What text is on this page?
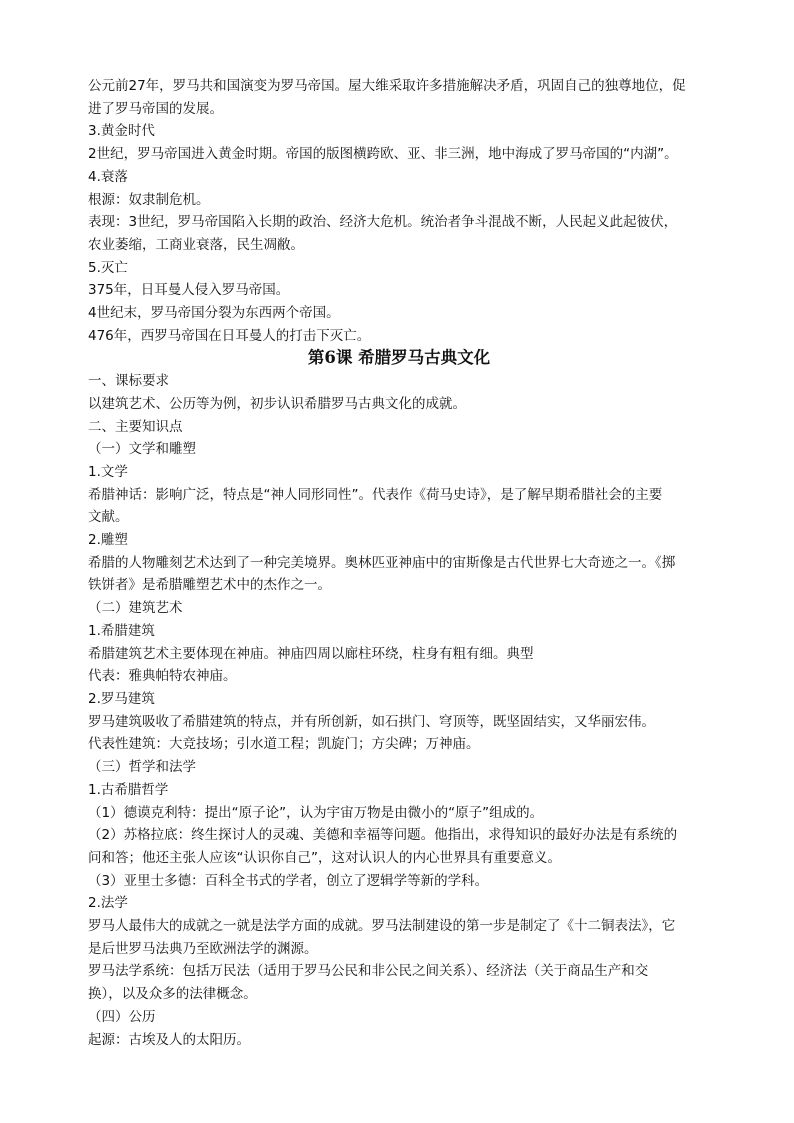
公元前27年，罗马共和国演变为罗马帝国。屋大维采取许多措施解决矛盾，巩固自己的独尊地位，促

进了罗马帝国的发展。

3.黄金时代

2世纪，罗马帝国进入黄金时期。帝国的版图横跨欧、亚、非三洲，地中海成了罗马帝国的“内湖”。

4.衰落

根源：奴隶制危机。

表现：3世纪，罗马帝国陷入长期的政治、经济大危机。统治者争斗混战不断，人民起义此起彼伏，

农业萎缩，工商业衰落，民生凋敝。

5.灭亡

375年，日耳曼人侵入罗马帝国。

4世纪末，罗马帝国分裂为东西两个帝国。

476年，西罗马帝国在日耳曼人的打击下灭亡。

第6课 希腊罗马古典文化

一、课标要求

以建筑艺术、公历等为例，初步认识希腊罗马古典文化的成就。

二、主要知识点

（一）文学和雕塑

1.文学

希腊神话：影响广泛，特点是“神人同形同性”。代表作《荷马史诗》，是了解早期希腊社会的主要

文献。

2.雕塑

希腊的人物雕刻艺术达到了一种完美境界。奥林匹亚神庙中的宙斯像是古代世界七大奇迹之一。《掷

铁饼者》是希腊雕塑艺术中的杰作之一。

（二）建筑艺术

1.希腊建筑

希腊建筑艺术主要体现在神庙。神庙四周以廊柱环绕，柱身有粗有细。典型

代表：雅典帕特农神庙。

2.罗马建筑

罗马建筑吸收了希腊建筑的特点，并有所创新，如石拱门、穹顶等，既坚固结实，又华丽宏伟。

代表性建筑：大竞技场；引水道工程；凯旋门；方尖碑；万神庙。

（三）哲学和法学

1.古希腊哲学

（1）德谟克利特：提出“原子论”，认为宇宙万物是由微小的“原子”组成的。

（2）苏格拉底：终生探讨人的灵魂、美德和幸福等问题。他指出，求得知识的最好办法是有系统的

问和答；他还主张人应该“认识你自己”，这对认识人的内心世界具有重要意义。

（3）亚里士多德：百科全书式的学者，创立了逻辑学等新的学科。

2.法学

罗马人最伟大的成就之一就是法学方面的成就。罗马法制建设的第一步是制定了《十二铜表法》，它

是后世罗马法典乃至欧洲法学的渊源。

罗马法学系统：包括万民法（适用于罗马公民和非公民之间关系）、经济法（关于商品生产和交

换），以及众多的法律概念。

（四）公历

起源：古埃及人的太阳历。
